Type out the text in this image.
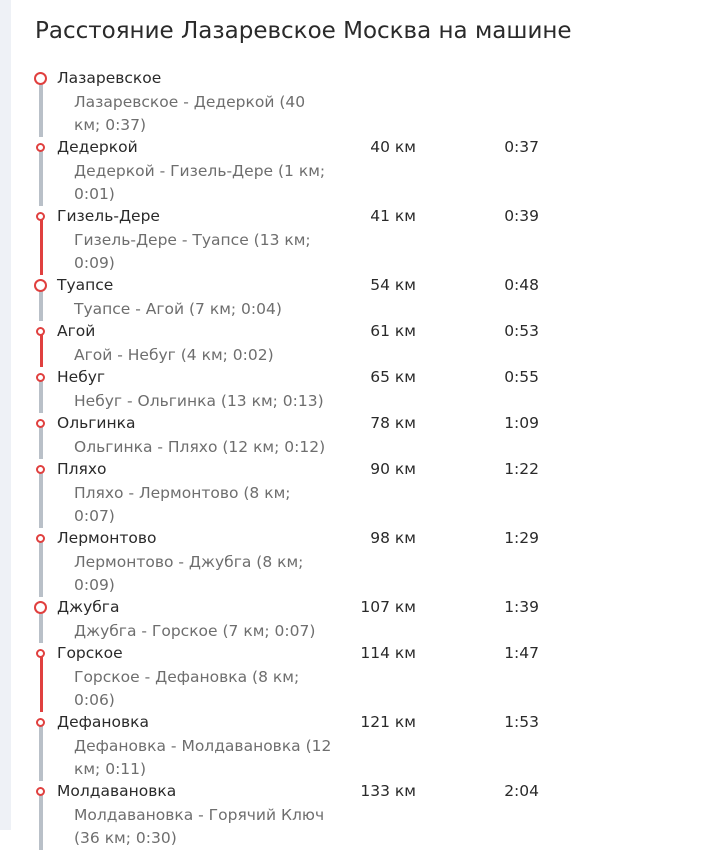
Расстояние Лазаревское Москва на машине
Лазаревское
Лазаревское - Дедеркой (40 км; 0:37)
Дедеркой	40 км	0:37
Дедеркой - Гизель-Дере (1 км; 0:01)
Гизель-Дере	41 км	0:39
Гизель-Дере - Туапсе (13 км; 0:09)
Туапсе	54 км	0:48
Туапсе - Агой (7 км; 0:04)
Агой	61 км	0:53
Агой - Небуг (4 км; 0:02)
Небуг	65 км	0:55
Небуг - Ольгинка (13 км; 0:13)
Ольгинка	78 км	1:09
Ольгинка - Пляхо (12 км; 0:12)
Пляхо	90 км	1:22
Пляхо - Лермонтово (8 км; 0:07)
Лермонтово	98 км	1:29
Лермонтово - Джубга (8 км; 0:09)
Джубга	107 км	1:39
Джубга - Горское (7 км; 0:07)
Горское	114 км	1:47
Горское - Дефановка (8 км; 0:06)
Дефановка	121 км	1:53
Дефановка - Молдавановка (12 км; 0:11)
Молдавановка	133 км	2:04
Молдавановка - Горячий Ключ (36 км; 0:30)
